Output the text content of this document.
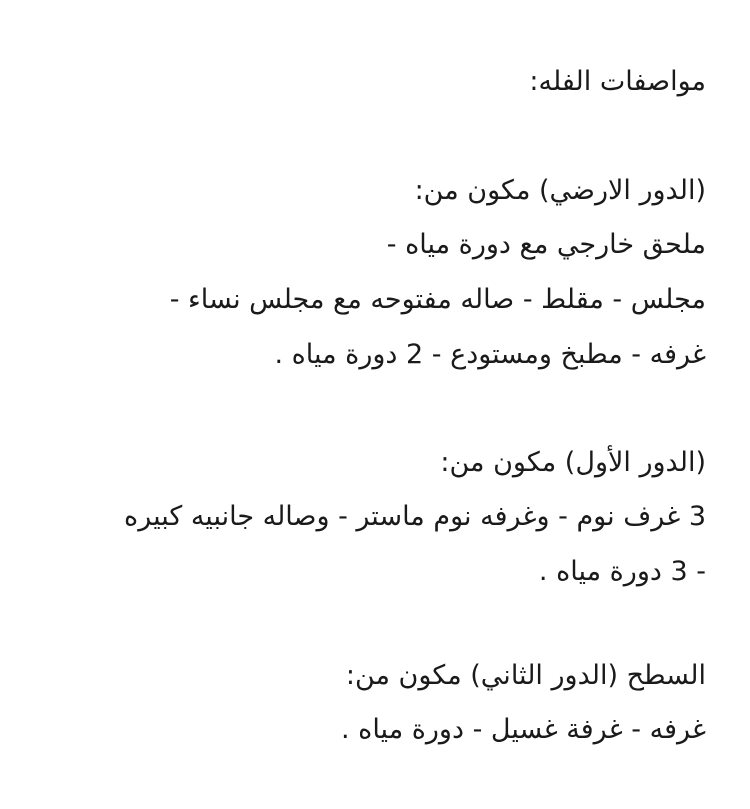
مواصفات الفله:
(الدور الارضي) مكون من:
ملحق خارجي مع دورة مياه -
مجلس - مقلط - صاله مفتوحه مع مجلس نساء -
غرفه - مطبخ ومستودع - 2 دورة مياه .
(الدور الأول) مكون من:
3 غرف نوم - وغرفه نوم ماستر - وصاله جانبيه كبيره
- 3 دورة مياه .
السطح (الدور الثاني) مكون من:
غرفه - غرفة غسيل - دورة مياه .
